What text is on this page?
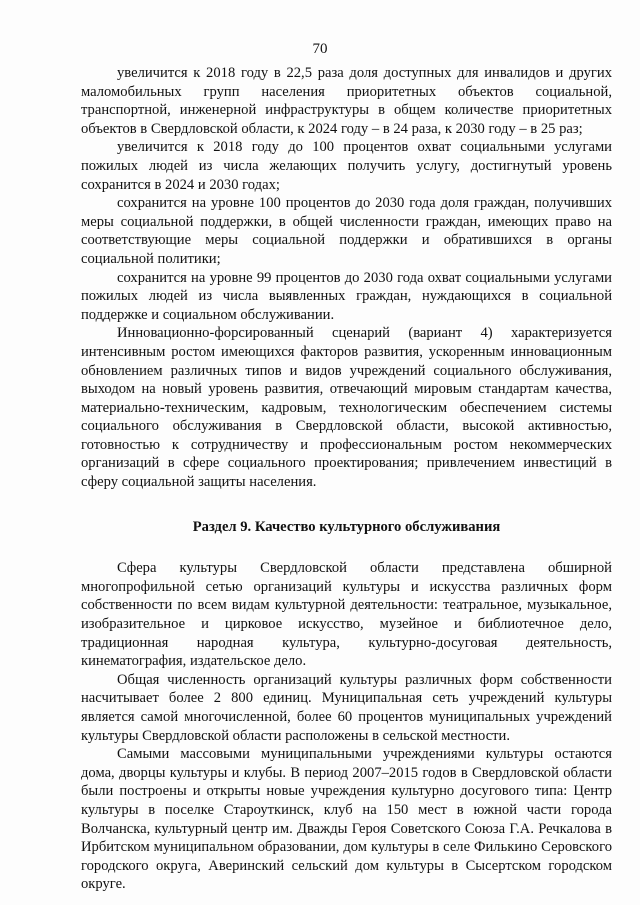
70

увеличится к 2018 году в 22,5 раза доля доступных для инвалидов и других маломобильных групп населения приоритетных объектов социальной, транспортной, инженерной инфраструктуры в общем количестве приоритетных объектов в Свердловской области, к 2024 году – в 24 раза, к 2030 году – в 25 раз;

увеличится к 2018 году до 100 процентов охват социальными услугами пожилых людей из числа желающих получить услугу, достигнутый уровень сохранится в 2024 и 2030 годах;

сохранится на уровне 100 процентов до 2030 года доля граждан, получивших меры социальной поддержки, в общей численности граждан, имеющих право на соответствующие меры социальной поддержки и обратившихся в органы социальной политики;

сохранится на уровне 99 процентов до 2030 года охват социальными услугами пожилых людей из числа выявленных граждан, нуждающихся в социальной поддержке и социальном обслуживании.

Инновационно-форсированный сценарий (вариант 4) характеризуется интенсивным ростом имеющихся факторов развития, ускоренным инновационным обновлением различных типов и видов учреждений социального обслуживания, выходом на новый уровень развития, отвечающий мировым стандартам качества, материально-техническим, кадровым, технологическим обеспечением системы социального обслуживания в Свердловской области, высокой активностью, готовностью к сотрудничеству и профессиональным ростом некоммерческих организаций в сфере социального проектирования; привлечением инвестиций в сферу социальной защиты населения.

Раздел 9. Качество культурного обслуживания

Сфера культуры Свердловской области представлена обширной многопрофильной сетью организаций культуры и искусства различных форм собственности по всем видам культурной деятельности: театральное, музыкальное, изобразительное и цирковое искусство, музейное и библиотечное дело, традиционная народная культура, культурно-досуговая деятельность, кинематография, издательское дело.

Общая численность организаций культуры различных форм собственности насчитывает более 2 800 единиц. Муниципальная сеть учреждений культуры является самой многочисленной, более 60 процентов муниципальных учреждений культуры Свердловской области расположены в сельской местности.

Самыми массовыми муниципальными учреждениями культуры остаются дома, дворцы культуры и клубы. В период 2007–2015 годов в Свердловской области были построены и открыты новые учреждения культурно досугового типа: Центр культуры в поселке Староуткинск, клуб на 150 мест в южной части города Волчанска, культурный центр им. Дважды Героя Советского Союза Г.А. Речкалова в Ирбитском муниципальном образовании, дом культуры в селе Филькино Серовского городского округа, Аверинский сельский дом культуры в Сысертском городском округе.
